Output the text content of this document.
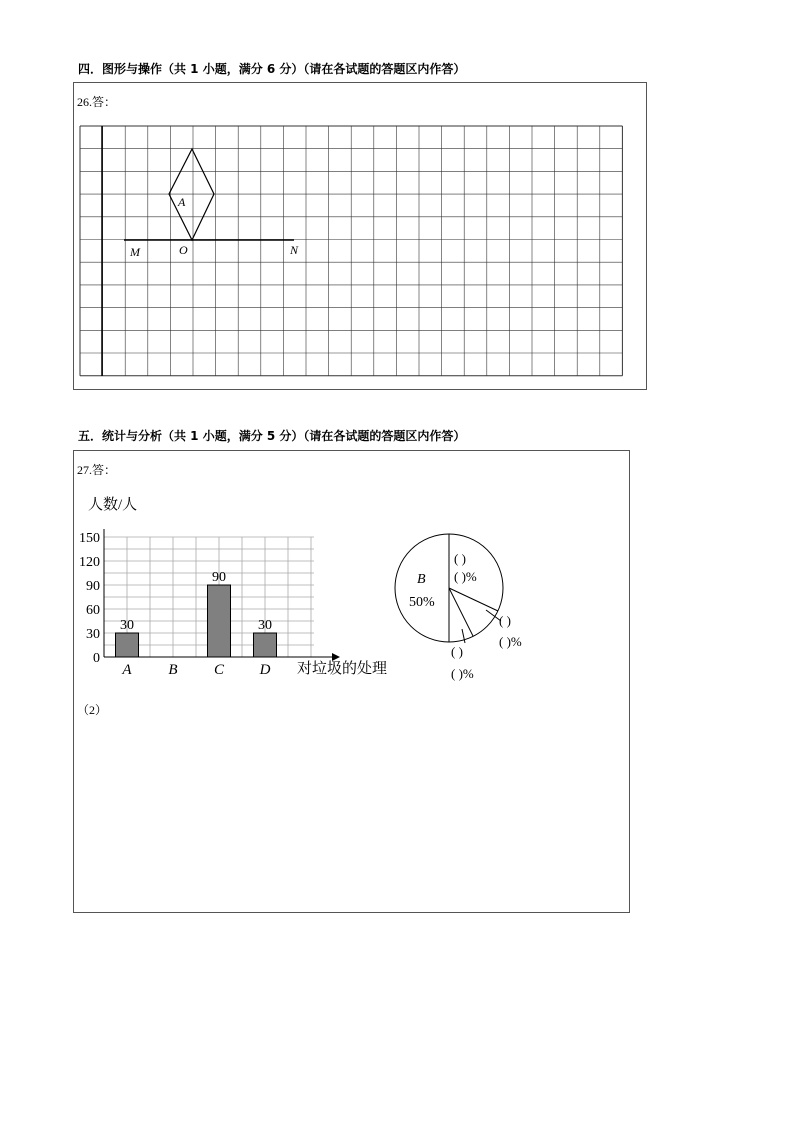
四．图形与操作（共 1 小题，满分 6 分）（请在各试题的答题区内作答）
26.答：
A
O
M	N
五．统计与分析（共 1 小题，满分 5 分）（请在各试题的答题区内作答）
27.答：
0
30
60
90
120
150
A
30
B C
90
D
30
人数/人
对垃圾的处理
B
50%
( )
( )%
( )
( )%
( )
( )%
（2）
